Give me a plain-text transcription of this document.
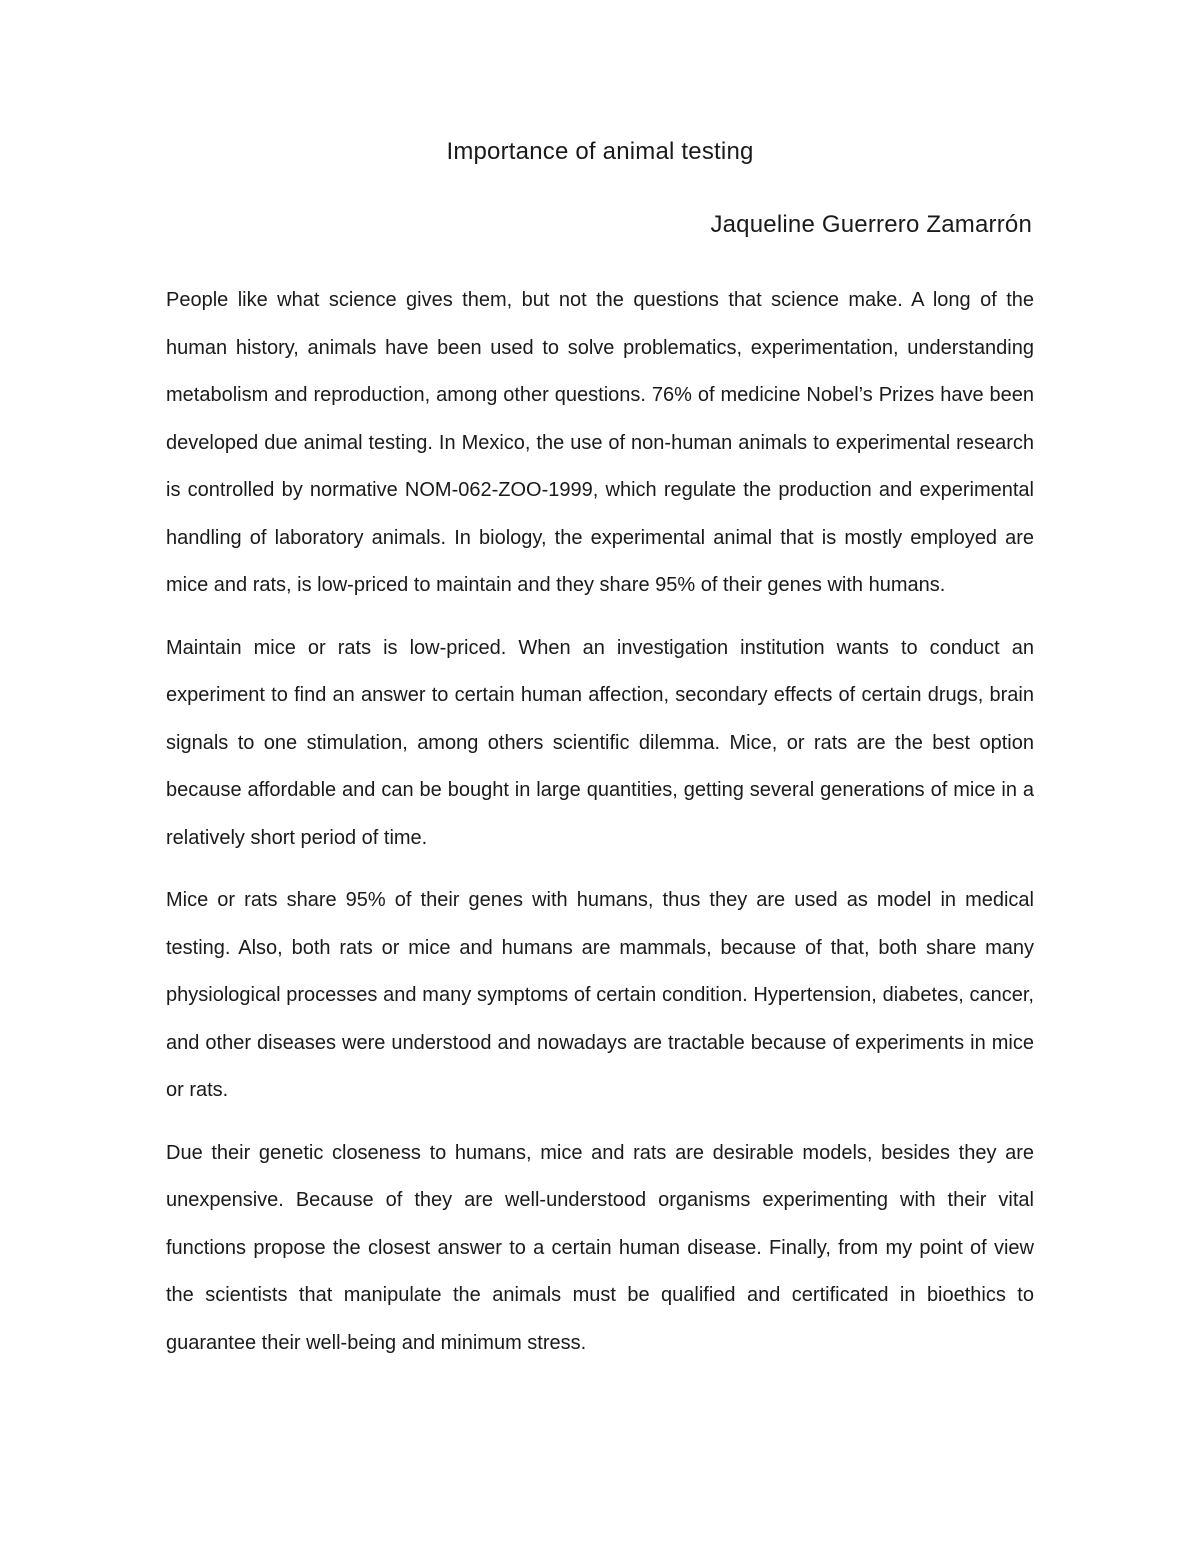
Importance of animal testing
Jaqueline Guerrero Zamarrón

People like what science gives them, but not the questions that science make. A long of the human history, animals have been used to solve problematics, experimentation, understanding metabolism and reproduction, among other questions. 76% of medicine Nobel’s Prizes have been developed due animal testing. In Mexico, the use of non-human animals to experimental research is controlled by normative NOM-062-ZOO-1999, which regulate the production and experimental handling of laboratory animals. In biology, the experimental animal that is mostly employed are mice and rats, is low-priced to maintain and they share 95% of their genes with humans.

Maintain mice or rats is low-priced. When an investigation institution wants to conduct an experiment to find an answer to certain human affection, secondary effects of certain drugs, brain signals to one stimulation, among others scientific dilemma. Mice, or rats are the best option because affordable and can be bought in large quantities, getting several generations of mice in a relatively short period of time.

Mice or rats share 95% of their genes with humans, thus they are used as model in medical testing. Also, both rats or mice and humans are mammals, because of that, both share many physiological processes and many symptoms of certain condition. Hypertension, diabetes, cancer, and other diseases were understood and nowadays are tractable because of experiments in mice or rats.

Due their genetic closeness to humans, mice and rats are desirable models, besides they are unexpensive. Because of they are well-understood organisms experimenting with their vital functions propose the closest answer to a certain human disease. Finally, from my point of view the scientists that manipulate the animals must be qualified and certificated in bioethics to guarantee their well-being and minimum stress.
